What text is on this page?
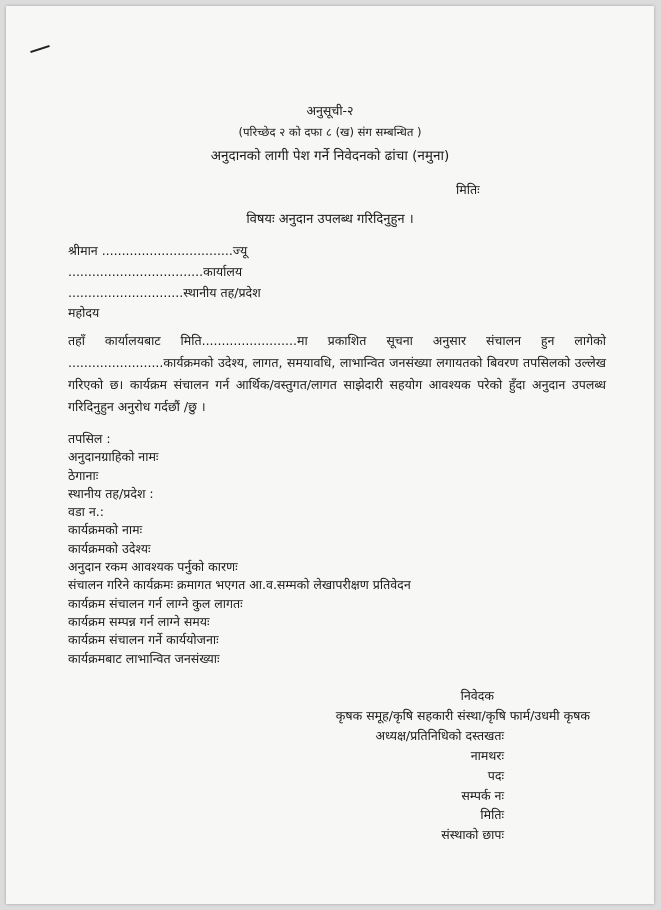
अनुसूची-२
(परिच्छेद २ को दफा ८ (ख) संग सम्बन्धित )
अनुदानको लागी पेश गर्ने निवेदनको ढांचा (नमुना)
मितिः
विषयः अनुदान उपलब्ध गरिदिनुहुन ।
श्रीमान .................................ज्यू
..................................कार्यालय
.............................स्थानीय तह/प्रदेश
महोदय
तहाँ कार्यालयबाट मिति........................मा प्रकाशित सूचना अनुसार संचालन हुन लागेको ........................कार्यक्रमको उदेश्य, लागत, समयावधि, लाभान्वित जनसंख्या लगायतको बिवरण तपसिलको उल्लेख गरिएको छ। कार्यक्रम संचालन गर्न आर्थिक/वस्तुगत/लागत साझेदारी सहयोग आवश्यक परेको हुँदा अनुदान उपलब्ध गरिदिनुहुन अनुरोध गर्दछौं /छु ।
तपसिल :
अनुदानग्राहिको नामः
ठेगानाः
स्थानीय तह/प्रदेश :
वडा न.:
कार्यक्रमको नामः
कार्यक्रमको उदेश्यः
अनुदान रकम आवश्यक पर्नुको कारणः
संचालन गरिने कार्यक्रमः क्रमागत भएगत आ.व.सम्मको लेखापरीक्षण प्रतिवेदन
कार्यक्रम संचालन गर्न लाग्ने कुल लागतः
कार्यक्रम सम्पन्न गर्न लाग्ने समयः
कार्यक्रम संचालन गर्ने कार्ययोजनाः
कार्यक्रमबाट लाभान्वित जनसंख्याः
निवेदक
कृषक समूह/कृषि सहकारी संस्था/कृषि फार्म/उधमी कृषक
अध्यक्ष/प्रतिनिधिको दस्तखतः
नामथरः
पदः
सम्पर्क नः
मितिः
संस्थाको छापः
